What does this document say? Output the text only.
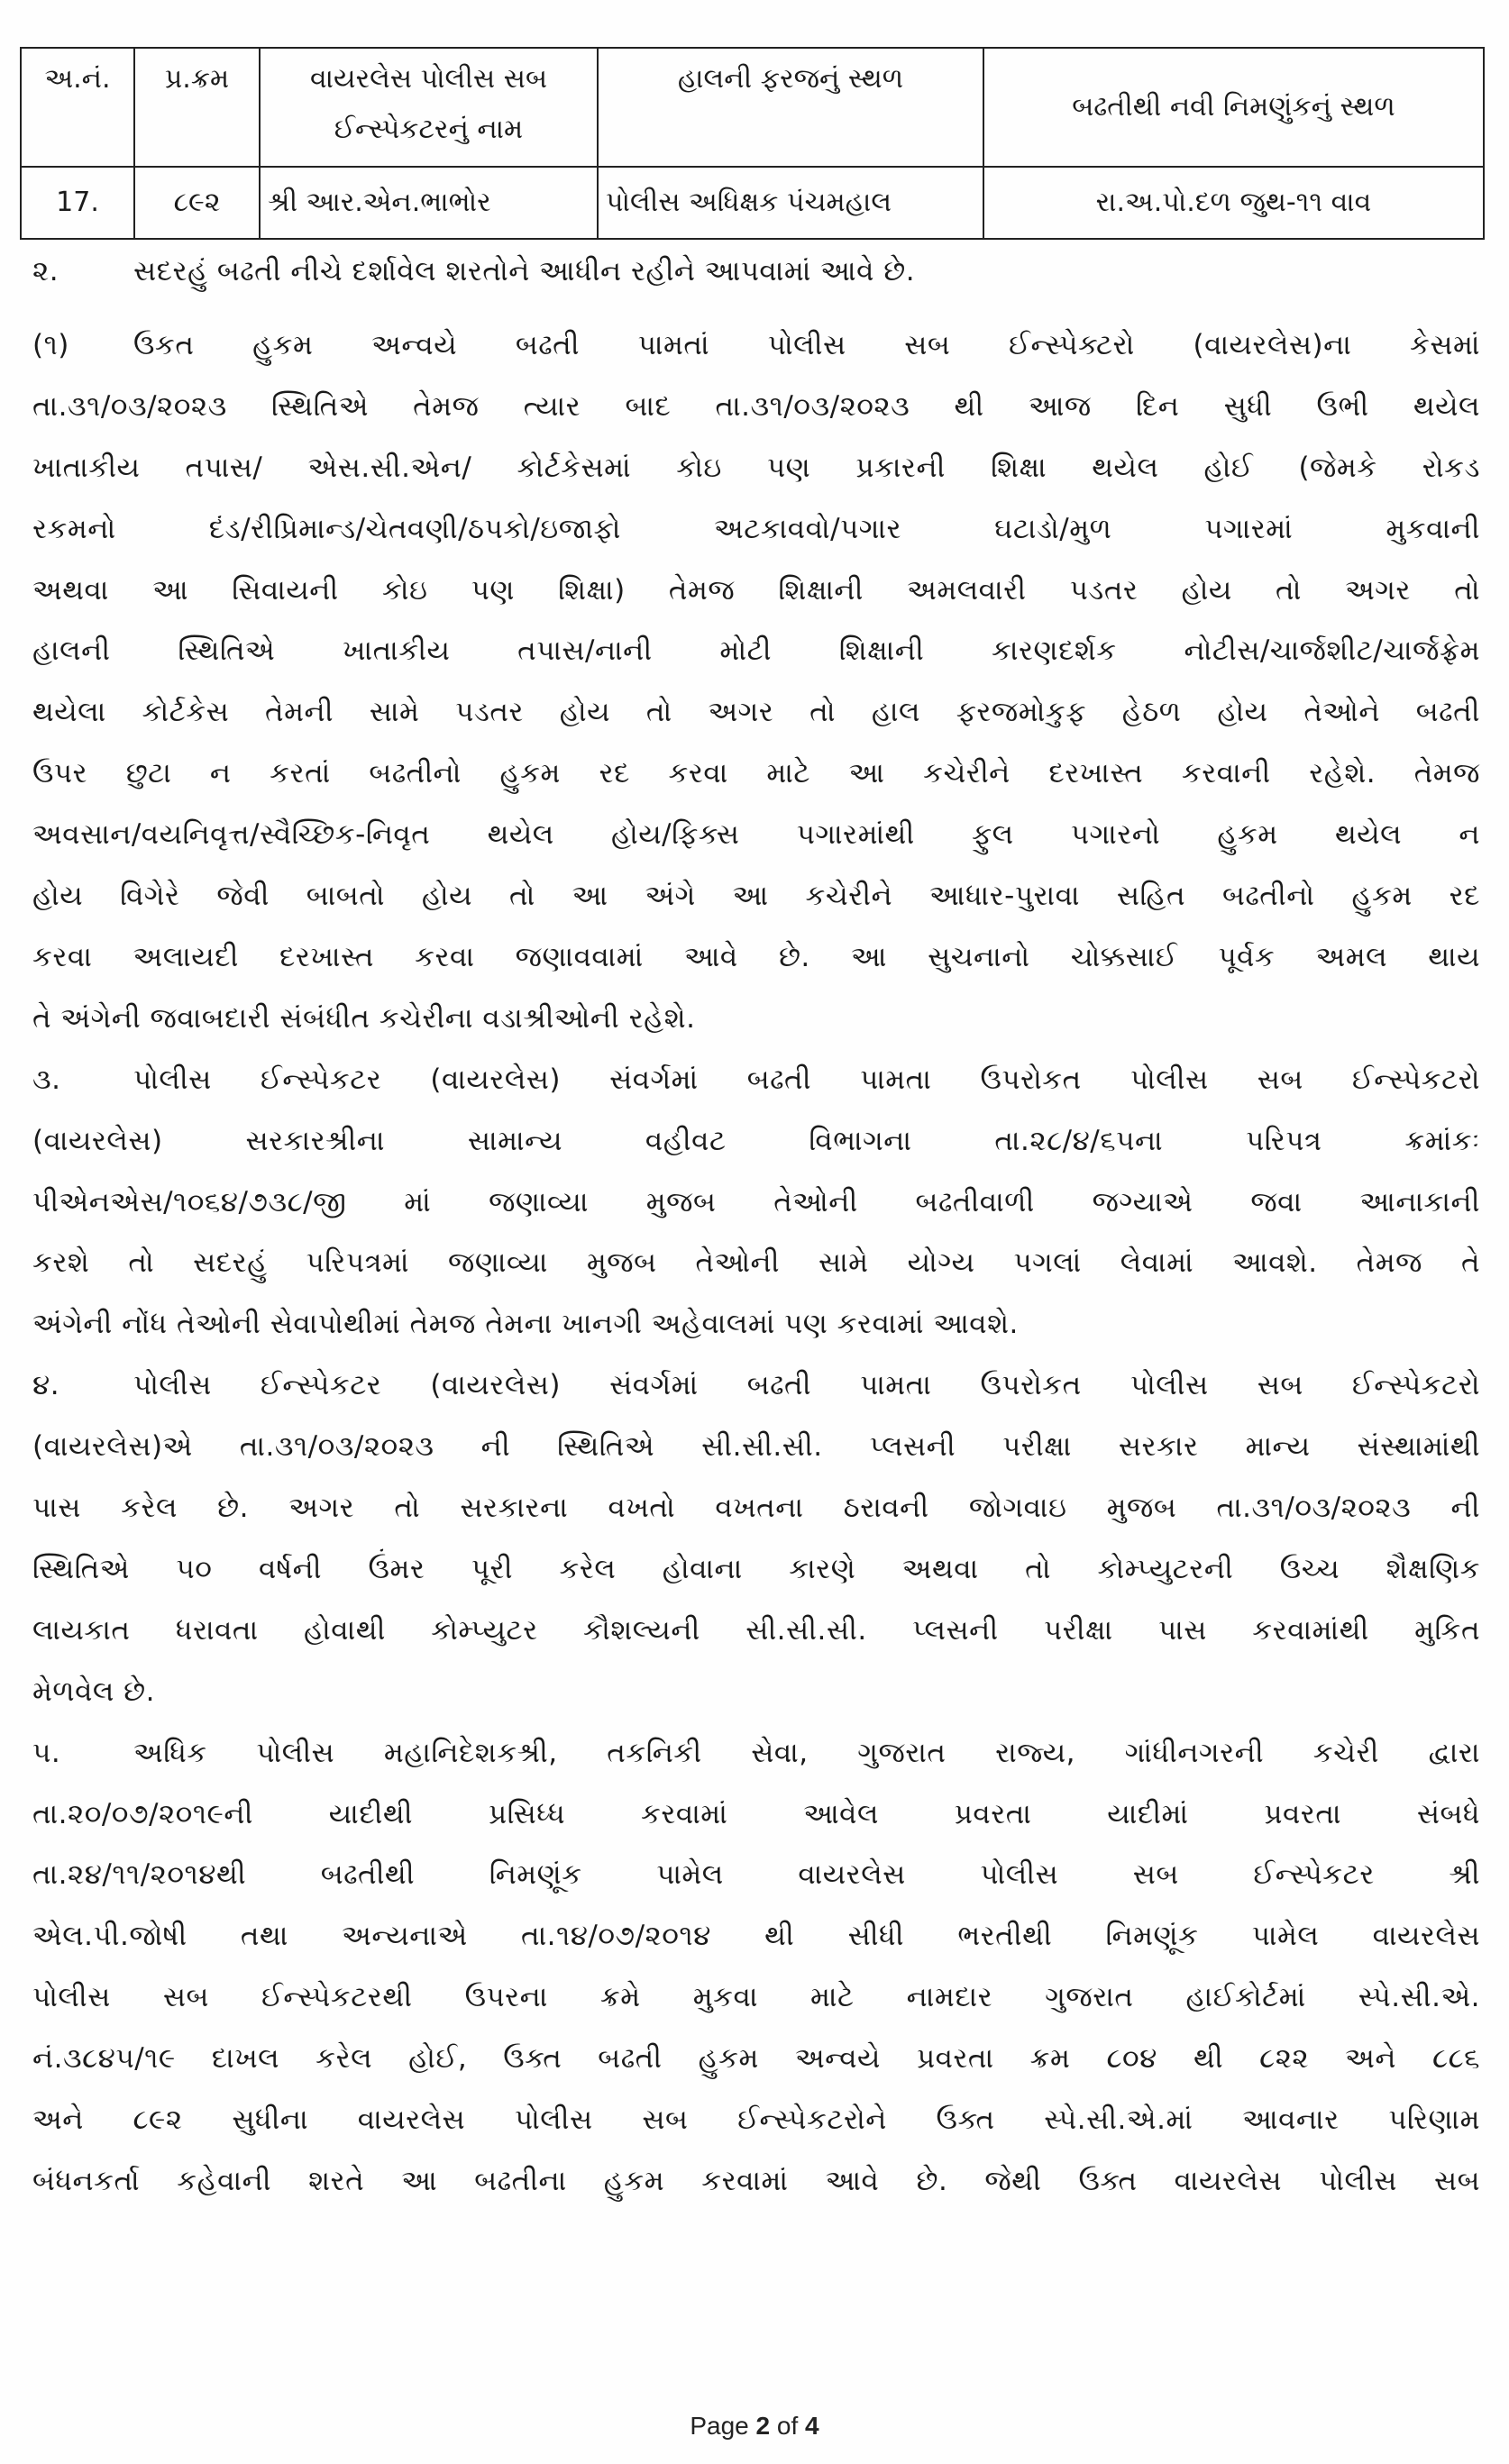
અ.નં.	પ્ર.ક્રમ	વાયરલેસ પોલીસ સબ ઈન્સ્પેકટરનું નામ	હાલની ફરજનું સ્થળ	બઢતીથી નવી નિમણુંકનું સ્થળ
17.	૮૯૨	શ્રી આર.એન.ભાભોર	પોલીસ અધિક્ષક પંચમહાલ	રા.અ.પો.દળ જુથ-૧૧ વાવ
૨.	સદરહું બઢતી નીચે દર્શાવેલ શરતોને આધીન રહીને આપવામાં આવે છે.
(૧) ઉકત હુકમ અન્વયે બઢતી પામતાં પોલીસ સબ ઈન્સ્પેક્ટરો (વાયરલેસ)ના કેસમાં
તા.૩૧/૦૩/૨૦૨૩ સ્થિતિએ તેમજ ત્યાર બાદ તા.૩૧/૦૩/૨૦૨૩ થી આજ દિન સુધી ઉભી થયેલ
ખાતાકીય તપાસ/ એસ.સી.એન/ કોર્ટકેસમાં કોઇ પણ પ્રકારની શિક્ષા થયેલ હોઈ (જેમકે રોકડ
રકમનો દંડ/રીપ્રિમાન્ડ/ચેતવણી/ઠપકો/ઇજાફો અટકાવવો/પગાર ઘટાડો/મુળ પગારમાં મુકવાની
અથવા આ સિવાયની કોઇ પણ શિક્ષા) તેમજ શિક્ષાની અમલવારી પડતર હોય તો અગર તો
હાલની સ્થિતિએ ખાતાકીય તપાસ/નાની મોટી શિક્ષાની કારણદર્શક નોટીસ/ચાર્જશીટ/ચાર્જફ્રેમ
થયેલા કોર્ટકેસ તેમની સામે પડતર હોય તો અગર તો હાલ ફરજમોકુફ હેઠળ હોય તેઓને બઢતી
ઉપર છુટા ન કરતાં બઢતીનો હુકમ રદ કરવા માટે આ કચેરીને દરખાસ્ત કરવાની રહેશે. તેમજ
અવસાન/વયનિવૃત્ત/સ્વૈચ્છિક-નિવૃત થયેલ હોય/ફિક્સ પગારમાંથી ફુલ પગારનો હુકમ થયેલ ન
હોય વિગેરે જેવી બાબતો હોય તો આ અંગે આ કચેરીને આધાર-પુરાવા સહિત બઢતીનો હુકમ રદ
કરવા અલાયદી દરખાસ્ત કરવા જણાવવામાં આવે છે. આ સુચનાનો ચોક્કસાઈ પૂર્વક અમલ થાય
તે અંગેની જવાબદારી સંબંધીત કચેરીના વડાશ્રીઓની રહેશે.
૩.	પોલીસ ઈન્સ્પેકટર (વાયરલેસ) સંવર્ગમાં બઢતી પામતા ઉપરોકત પોલીસ સબ ઈન્સ્પેકટરો
(વાયરલેસ) સરકારશ્રીના સામાન્ય વહીવટ વિભાગના તા.૨૮/૪/૬૫ના પરિપત્ર ક્રમાંકઃ
પીએનએસ/૧૦૬૪/૭૩૮/જી માં જણાવ્યા મુજબ તેઓની બઢતીવાળી જગ્યાએ જવા આનાકાની
કરશે તો સદરહું પરિપત્રમાં જણાવ્યા મુજબ તેઓની સામે યોગ્ય પગલાં લેવામાં આવશે. તેમજ તે
અંગેની નોંધ તેઓની સેવાપોથીમાં તેમજ તેમના ખાનગી અહેવાલમાં પણ કરવામાં આવશે.
૪.	પોલીસ ઈન્સ્પેકટર (વાયરલેસ) સંવર્ગમાં બઢતી પામતા ઉપરોકત પોલીસ સબ ઈન્સ્પેકટરો
(વાયરલેસ)એ તા.૩૧/૦૩/૨૦૨૩ ની સ્થિતિએ સી.સી.સી. પ્લસની પરીક્ષા સરકાર માન્ય સંસ્થામાંથી
પાસ કરેલ છે. અગર તો સરકારના વખતો વખતના ઠરાવની જોગવાઇ મુજબ તા.૩૧/૦૩/૨૦૨૩ ની
સ્થિતિએ ૫૦ વર્ષની ઉંમર પૂરી કરેલ હોવાના કારણે અથવા તો કોમ્પ્યુટરની ઉચ્ચ શૈક્ષણિક
લાયકાત ધરાવતા હોવાથી કોમ્પ્યુટર કૌશલ્યની સી.સી.સી. પ્લસની પરીક્ષા પાસ કરવામાંથી મુકિત
મેળવેલ છે.
૫.	અધિક પોલીસ મહાનિદેશકશ્રી, તકનિકી સેવા, ગુજરાત રાજ્ય, ગાંધીનગરની કચેરી દ્વારા
તા.૨૦/૦૭/૨૦૧૯ની યાદીથી પ્રસિધ્ધ કરવામાં આવેલ પ્રવરતા યાદીમાં પ્રવરતા સંબધે
તા.૨૪/૧૧/૨૦૧૪થી બઢતીથી નિમણૂંક પામેલ વાયરલેસ પોલીસ સબ ઈન્સ્પેકટર શ્રી
એલ.પી.જોષી તથા અન્યનાએ તા.૧૪/૦૭/૨૦૧૪ થી સીધી ભરતીથી નિમણૂંક પામેલ વાયરલેસ
પોલીસ સબ ઈન્સ્પેકટરથી ઉપરના ક્રમે મુકવા માટે નામદાર ગુજરાત હાઈકોર્ટમાં સ્પે.સી.એ.
નં.૩૮૪૫/૧૯ દાખલ કરેલ હોઈ, ઉક્ત બઢતી હુકમ અન્વયે પ્રવરતા ક્રમ ૮૦૪ થી ૮૨૨ અને ૮૮૬
અને ૮૯૨ સુધીના વાયરલેસ પોલીસ સબ ઈન્સ્પેકટરોને ઉક્ત સ્પે.સી.એ.માં આવનાર પરિણામ
બંધનકર્તા કહેવાની શરતે આ બઢતીના હુકમ કરવામાં આવે છે. જેથી ઉક્ત વાયરલેસ પોલીસ સબ
Page 2 of 4
